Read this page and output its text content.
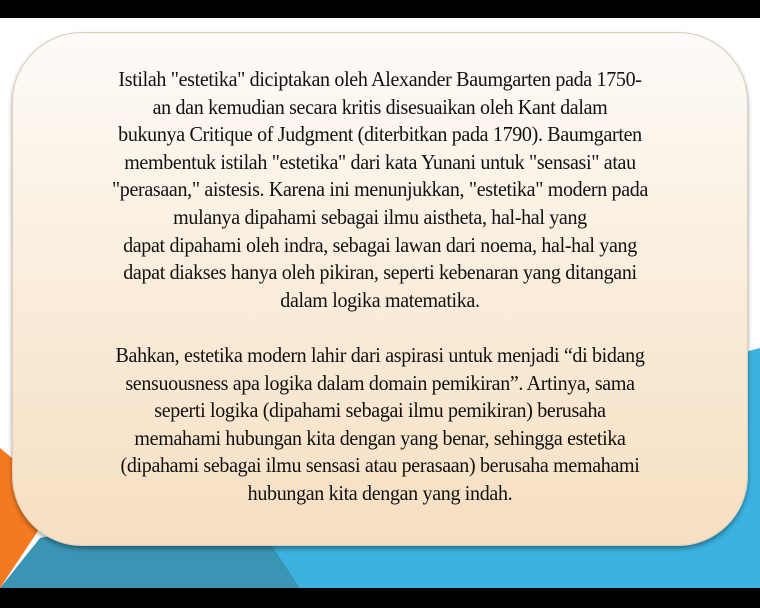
Istilah "estetika" diciptakan oleh Alexander Baumgarten pada 1750-
an dan kemudian secara kritis disesuaikan oleh Kant dalam
bukunya Critique of Judgment (diterbitkan pada 1790). Baumgarten
membentuk istilah "estetika" dari kata Yunani untuk "sensasi" atau
"perasaan," aistesis. Karena ini menunjukkan, "estetika" modern pada
mulanya dipahami sebagai ilmu aistheta, hal-hal yang
dapat dipahami oleh indra, sebagai lawan dari noema, hal-hal yang
dapat diakses hanya oleh pikiran, seperti kebenaran yang ditangani
dalam logika matematika.
Bahkan, estetika modern lahir dari aspirasi untuk menjadi “di bidang
sensuousness apa logika dalam domain pemikiran”. Artinya, sama
seperti logika (dipahami sebagai ilmu pemikiran) berusaha
memahami hubungan kita dengan yang benar, sehingga estetika
(dipahami sebagai ilmu sensasi atau perasaan) berusaha memahami
hubungan kita dengan yang indah.
